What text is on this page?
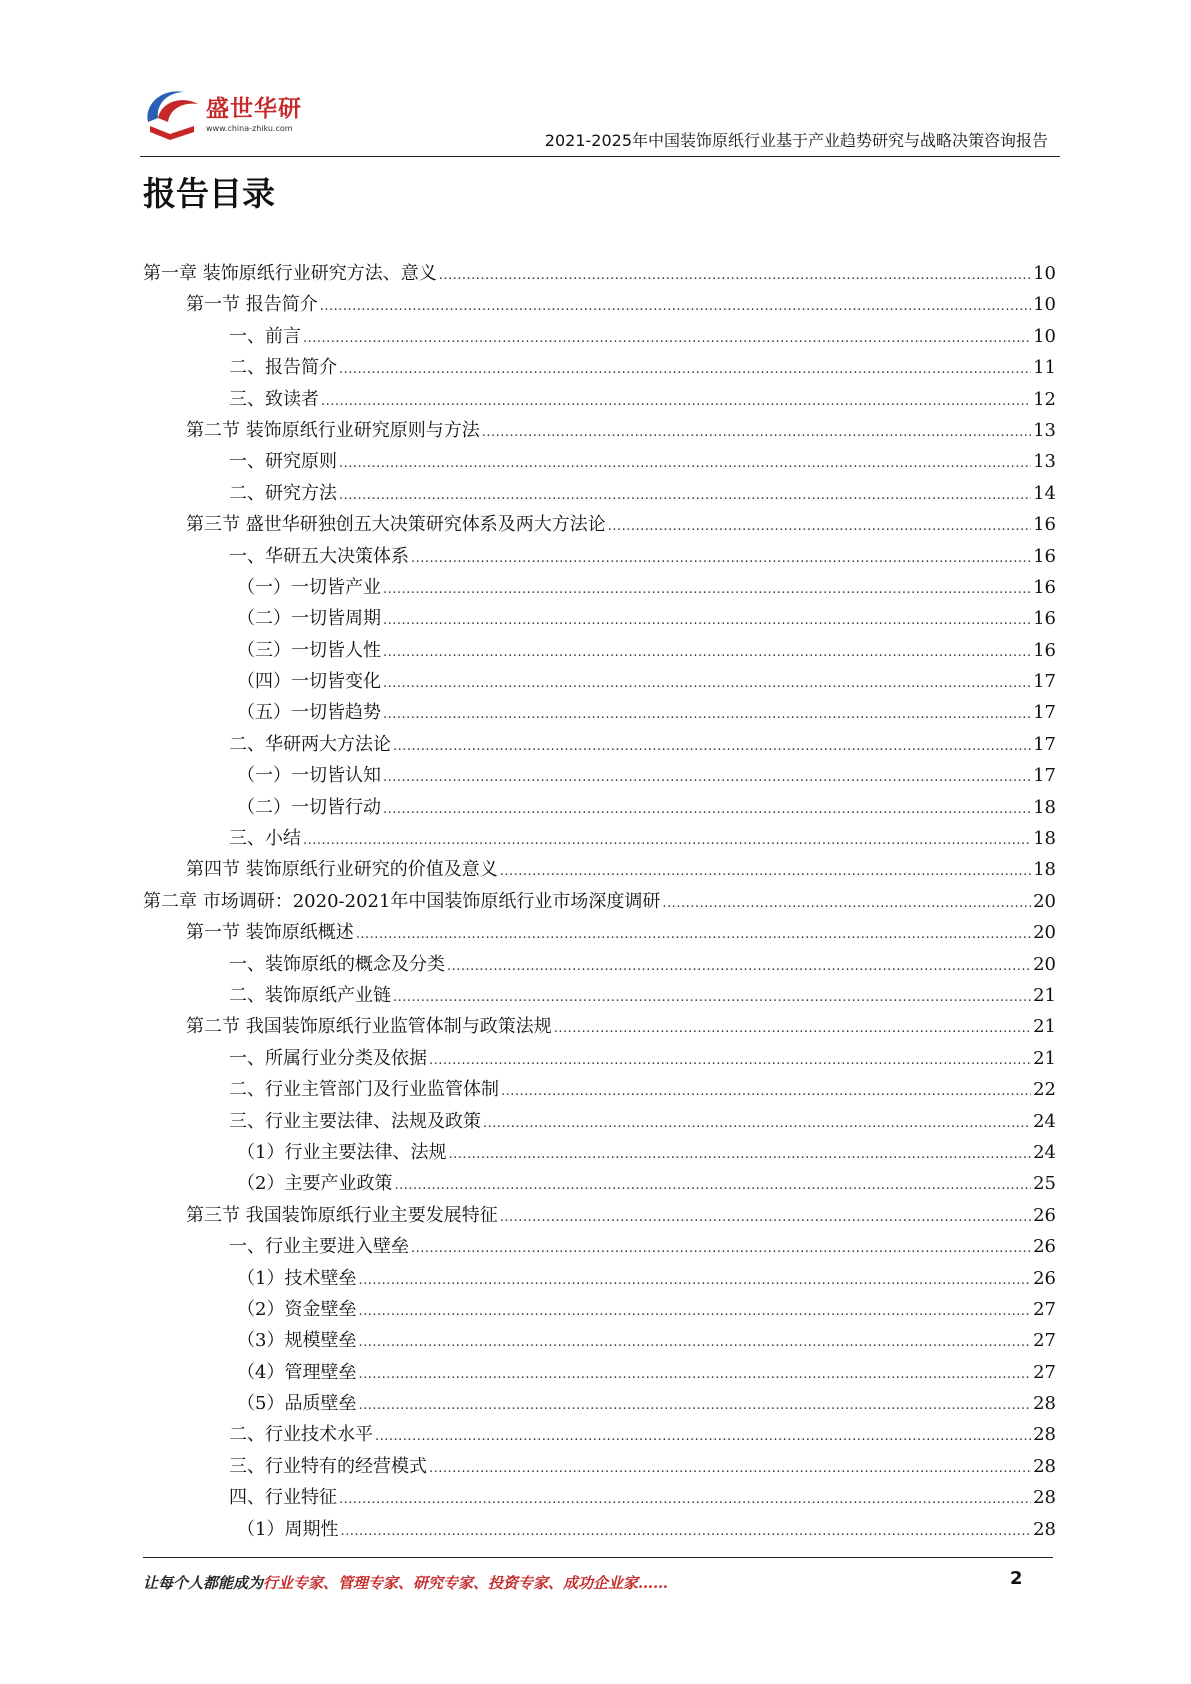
盛世华研
www.china-zhiku.com
2021-2025年中国装饰原纸行业基于产业趋势研究与战略决策咨询报告
报告目录
第一章 装饰原纸行业研究方法、意义 .....	10
第一节 报告简介 .....	10
一、前言 .....	10
二、报告简介 .....	11
三、致读者 .....	12
第二节 装饰原纸行业研究原则与方法 .....	13
一、研究原则 .....	13
二、研究方法 .....	14
第三节 盛世华研独创五大决策研究体系及两大方法论 .....	16
一、华研五大决策体系 .....	16
（一）一切皆产业 .....	16
（二）一切皆周期 .....	16
（三）一切皆人性 .....	16
（四）一切皆变化 .....	17
（五）一切皆趋势 .....	17
二、华研两大方法论 .....	17
（一）一切皆认知 .....	17
（二）一切皆行动 .....	18
三、小结 .....	18
第四节 装饰原纸行业研究的价值及意义 .....	18
第二章 市场调研：2020-2021年中国装饰原纸行业市场深度调研 .....	20
第一节 装饰原纸概述 .....	20
一、装饰原纸的概念及分类 .....	20
二、装饰原纸产业链 .....	21
第二节 我国装饰原纸行业监管体制与政策法规 .....	21
一、所属行业分类及依据 .....	21
二、行业主管部门及行业监管体制 .....	22
三、行业主要法律、法规及政策 .....	24
（1）行业主要法律、法规 .....	24
（2）主要产业政策 .....	25
第三节 我国装饰原纸行业主要发展特征 .....	26
一、行业主要进入壁垒 .....	26
（1）技术壁垒 .....	26
（2）资金壁垒 .....	27
（3）规模壁垒 .....	27
（4）管理壁垒 .....	27
（5）品质壁垒 .....	28
二、行业技术水平 .....	28
三、行业特有的经营模式 .....	28
四、行业特征 .....	28
（1）周期性 .....	28
让每个人都能成为行业专家、管理专家、研究专家、投资专家、成功企业家……	2
